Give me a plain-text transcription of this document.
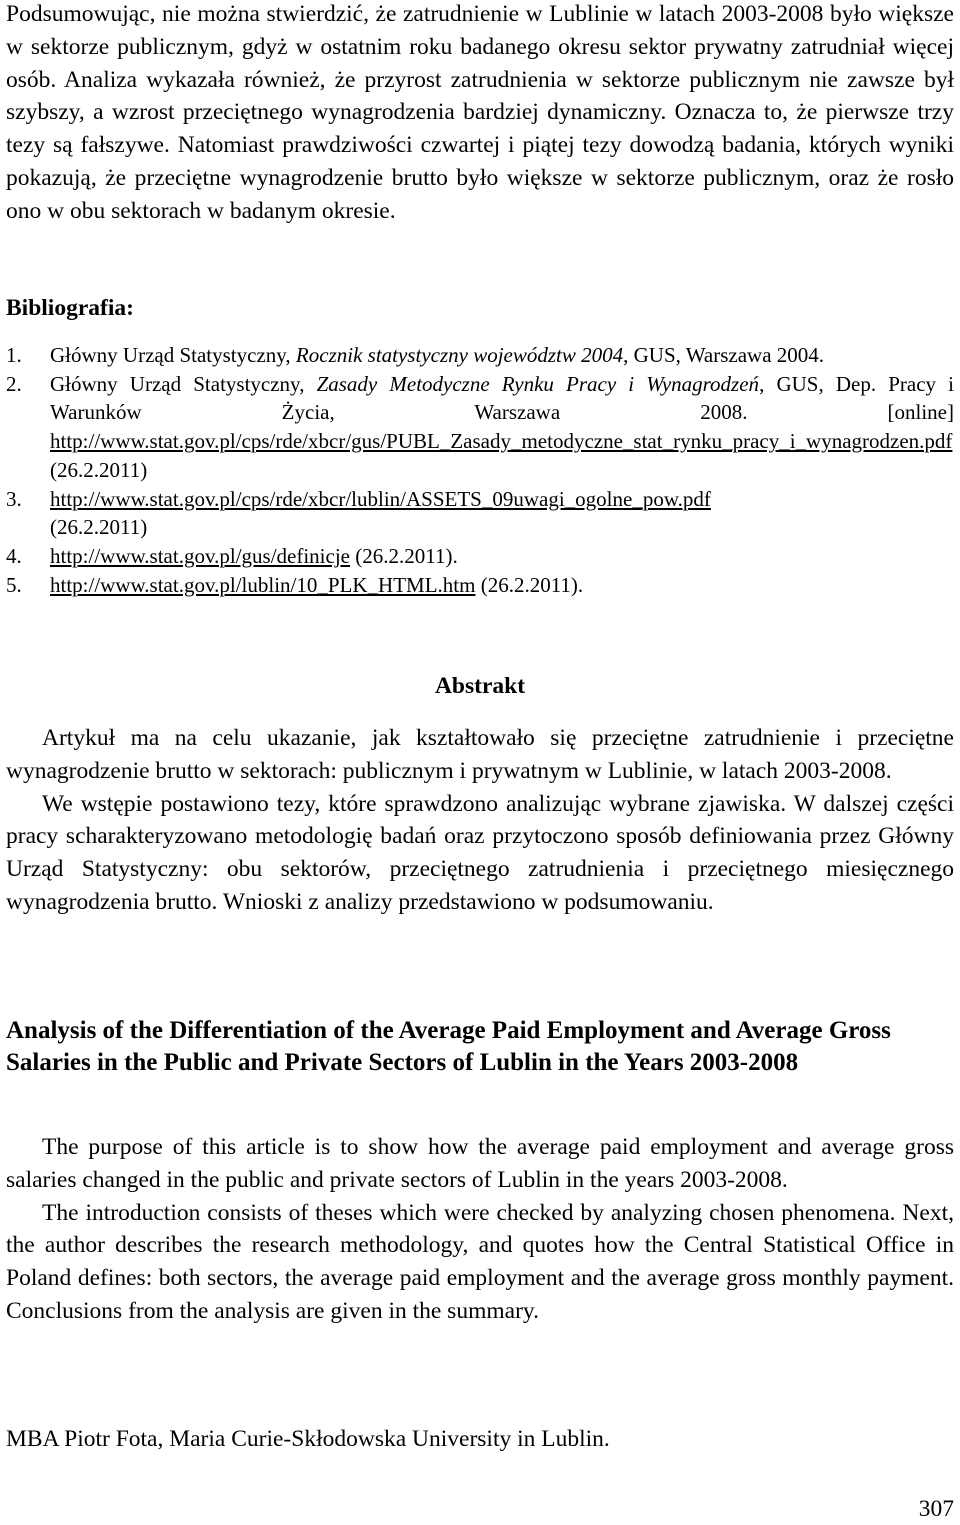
Podsumowując, nie można stwierdzić, że zatrudnienie w Lublinie w latach 2003-2008 było większe w sektorze publicznym, gdyż w ostatnim roku badanego okresu sektor prywatny zatrudniał więcej osób. Analiza wykazała również, że przyrost zatrudnienia w sektorze publicznym nie zawsze był szybszy, a wzrost przeciętnego wynagrodzenia bardziej dynamiczny. Oznacza to, że pierwsze trzy tezy są fałszywe. Natomiast prawdziwości czwartej i piątej tezy dowodzą badania, których wyniki pokazują, że przeciętne wynagrodzenie brutto było większe w sektorze publicznym, oraz że rosło ono w obu sektorach w badanym okresie.

Bibliografia:
1.	Główny Urząd Statystyczny, Rocznik statystyczny województw 2004, GUS, Warszawa 2004.
2.	Główny Urząd Statystyczny, Zasady Metodyczne Rynku Pracy i Wynagrodzeń, GUS, Dep. Pracy i Warunków Życia, Warszawa 2008. [online] http://www.stat.gov.pl/cps/rde/xbcr/gus/PUBL_Zasady_metodyczne_stat_rynku_pracy_i_wynagrodzen.pdf (26.2.2011)
3.	http://www.stat.gov.pl/cps/rde/xbcr/lublin/ASSETS_09uwagi_ogolne_pow.pdf
(26.2.2011)
4.	http://www.stat.gov.pl/gus/definicje (26.2.2011).
5.	http://www.stat.gov.pl/lublin/10_PLK_HTML.htm (26.2.2011).
Abstrakt

Artykuł ma na celu ukazanie, jak kształtowało się przeciętne zatrudnienie i przeciętne wynagrodzenie brutto w sektorach: publicznym i prywatnym w Lublinie, w latach 2003-2008.

We wstępie postawiono tezy, które sprawdzono analizując wybrane zjawiska. W dalszej części pracy scharakteryzowano metodologię badań oraz przytoczono sposób definiowania przez Główny Urząd Statystyczny: obu sektorów, przeciętnego zatrudnienia i przeciętnego miesięcznego wynagrodzenia brutto. Wnioski z analizy przedstawiono w podsumowaniu.

Analysis of the Differentiation of the Average Paid Employment and Average Gross Salaries in the Public and Private Sectors of Lublin in the Years 2003-2008

The purpose of this article is to show how the average paid employment and average gross salaries changed in the public and private sectors of Lublin in the years 2003-2008.

The introduction consists of theses which were checked by analyzing chosen phenomena. Next, the author describes the research methodology, and quotes how the Central Statistical Office in Poland defines: both sectors, the average paid employment and the average gross monthly payment. Conclusions from the analysis are given in the summary.

MBA Piotr Fota, Maria Curie-Skłodowska University in Lublin.
307
